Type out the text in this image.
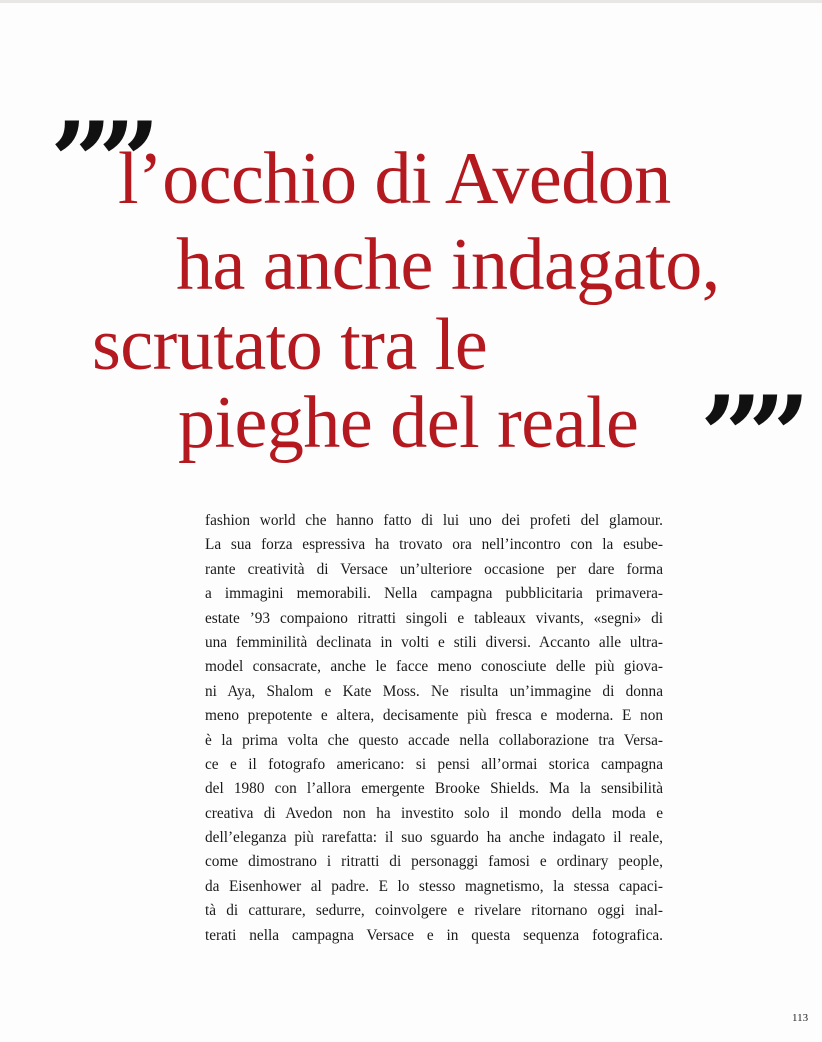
””
l’occhio di Avedon
ha anche indagato,
scrutato tra le
pieghe del reale ””
fashion world che hanno fatto di lui uno dei profeti del glamour.
La sua forza espressiva ha trovato ora nell’incontro con la esube-
rante creatività di Versace un’ulteriore occasione per dare forma
a immagini memorabili. Nella campagna pubblicitaria primavera-
estate ’93 compaiono ritratti singoli e tableaux vivants, «segni» di
una femminilità declinata in volti e stili diversi. Accanto alle ultra-
model consacrate, anche le facce meno conosciute delle più giova-
ni Aya, Shalom e Kate Moss. Ne risulta un’immagine di donna
meno prepotente e altera, decisamente più fresca e moderna. E non
è la prima volta che questo accade nella collaborazione tra Versa-
ce e il fotografo americano: si pensi all’ormai storica campagna
del 1980 con l’allora emergente Brooke Shields. Ma la sensibilità
creativa di Avedon non ha investito solo il mondo della moda e
dell’eleganza più rarefatta: il suo sguardo ha anche indagato il reale,
come dimostrano i ritratti di personaggi famosi e ordinary people,
da Eisenhower al padre. E lo stesso magnetismo, la stessa capaci-
tà di catturare, sedurre, coinvolgere e rivelare ritornano oggi inal-
terati nella campagna Versace e in questa sequenza fotografica.
113
